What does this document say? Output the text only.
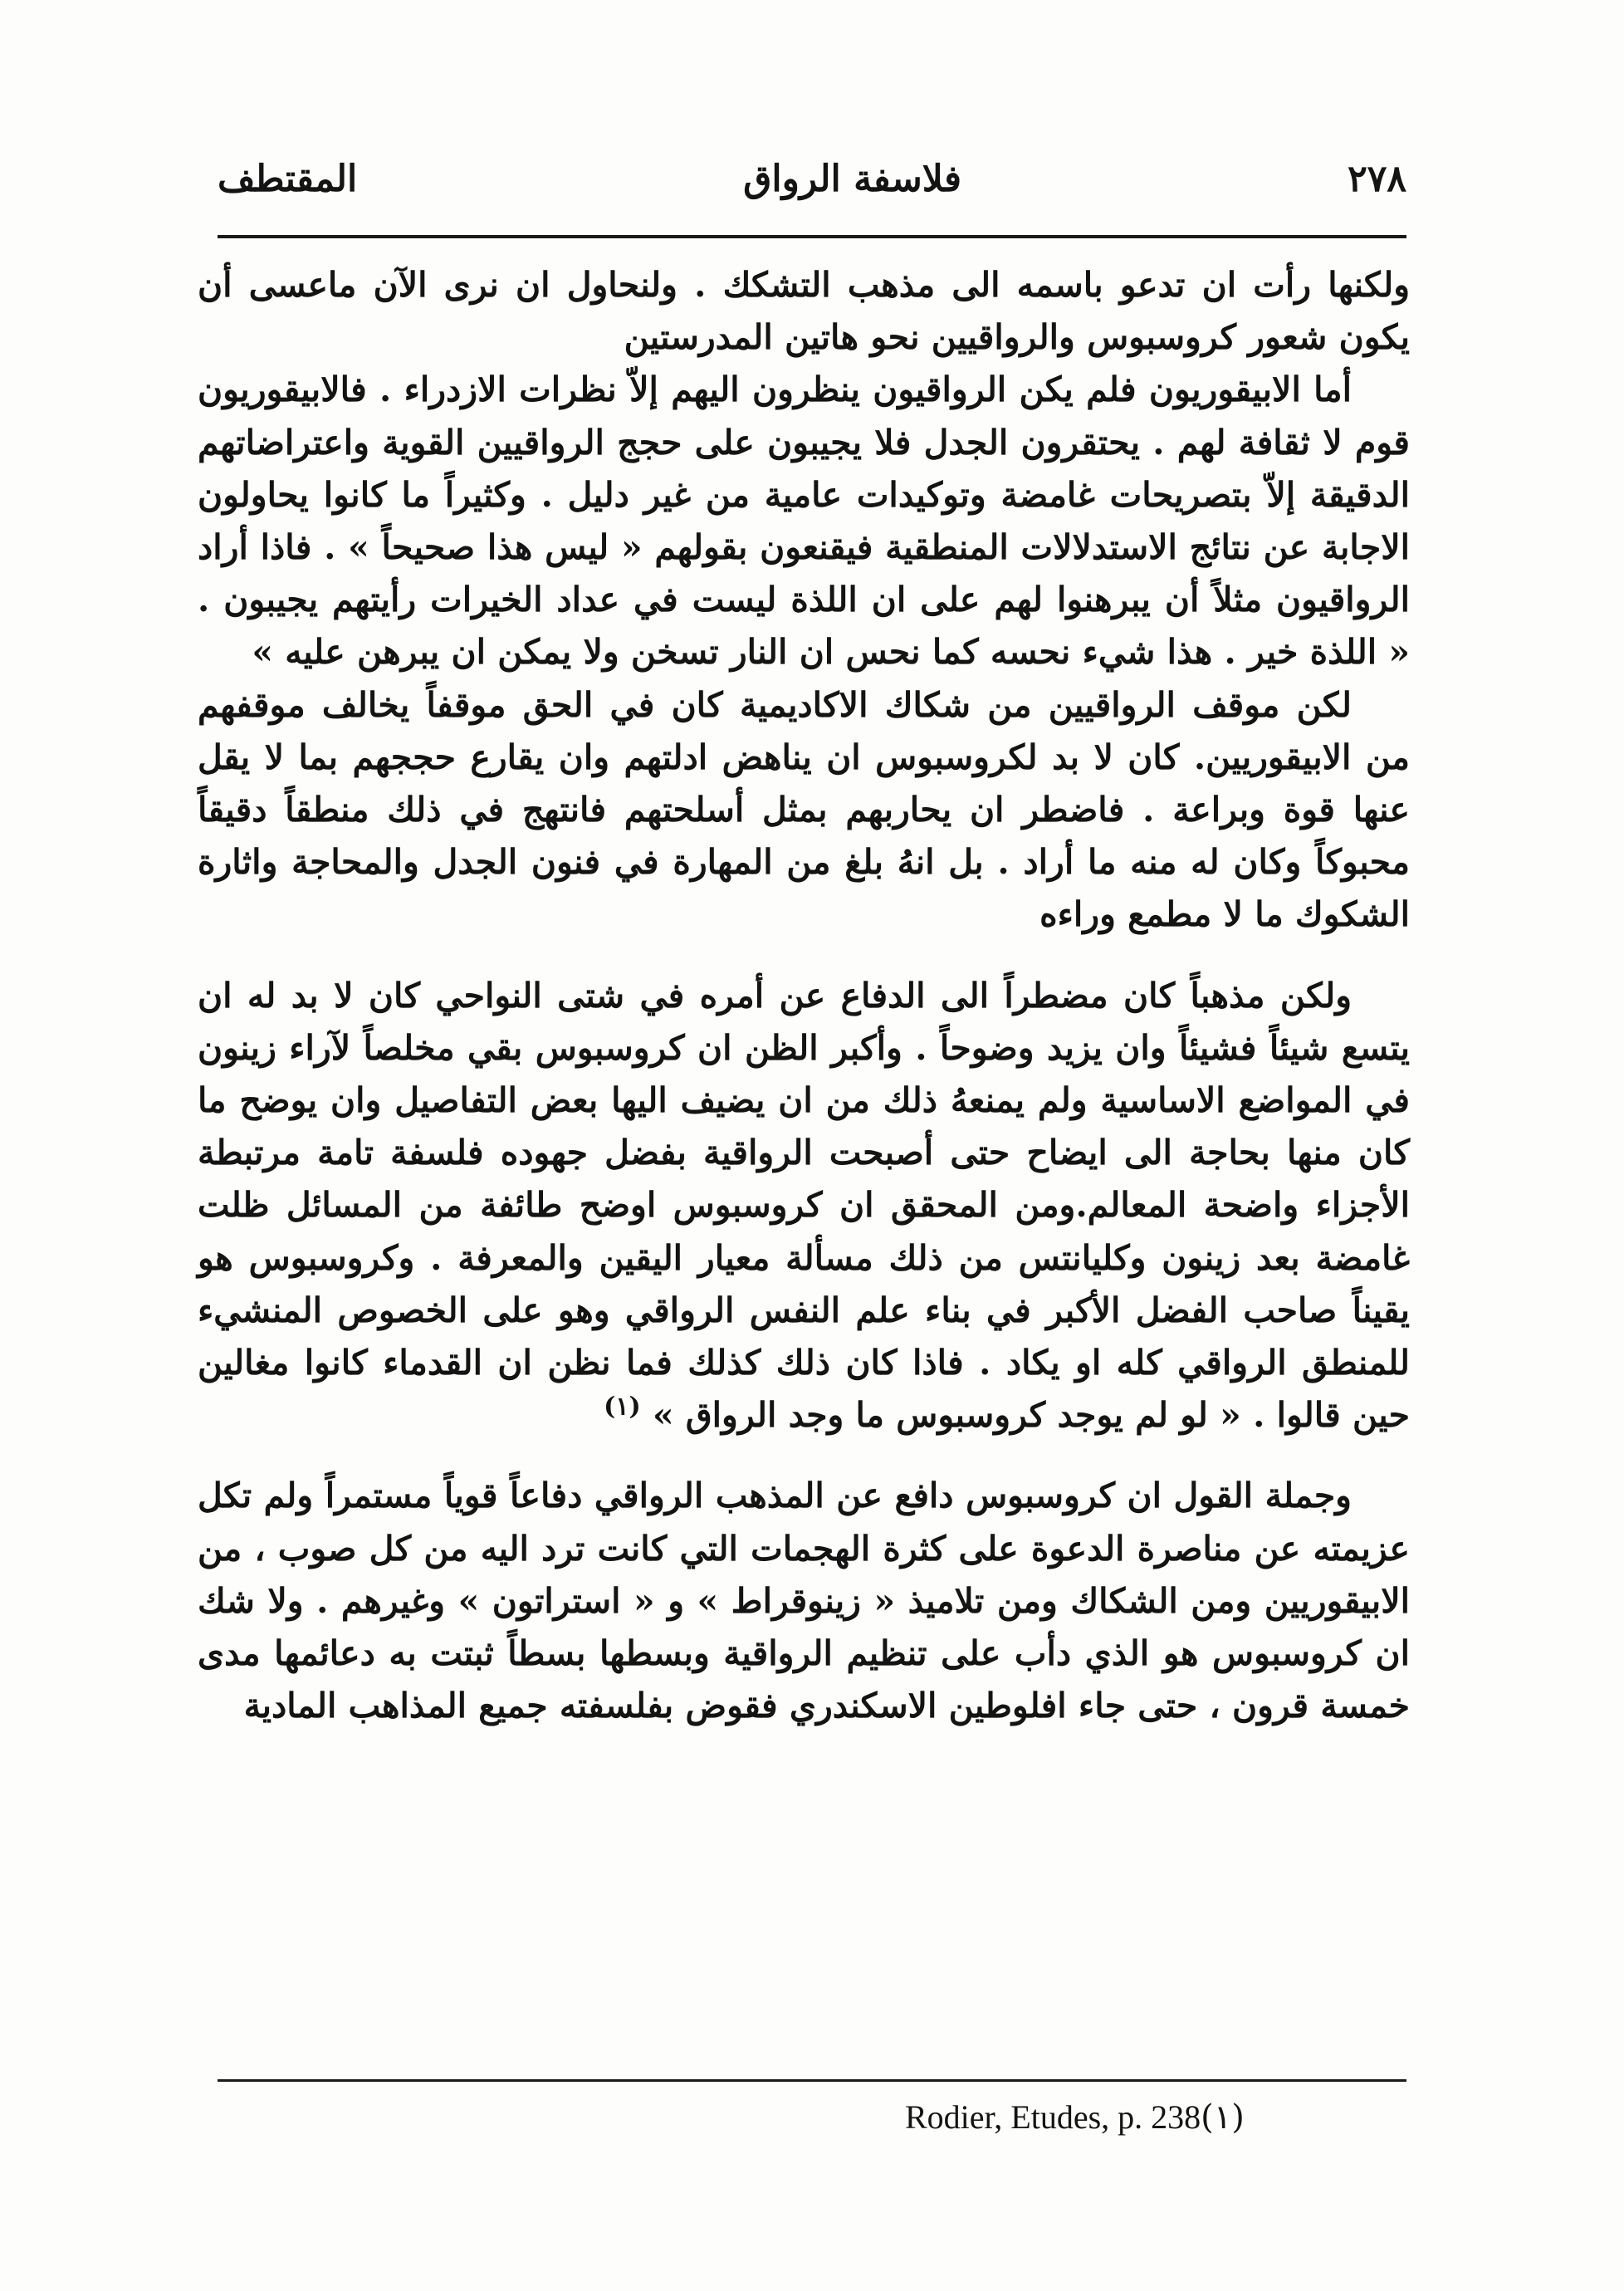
٢٧٨
فلاسفة الرواق
المقتطف

ولكنها رأت ان تدعو باسمه الى مذهب التشكك . ولنحاول ان نرى الآن ماعسى أن يكون شعور كروسبوس والرواقيين نحو هاتين المدرستين

أما الابيقوريون فلم يكن الرواقيون ينظرون اليهم إلاّ نظرات الازدراء . فالابيقوريون قوم لا ثقافة لهم . يحتقرون الجدل فلا يجيبون على حجج الرواقيين القوية واعتراضاتهم الدقيقة إلاّ بتصريحات غامضة وتوكيدات عامية من غير دليل . وكثيراً ما كانوا يحاولون الاجابة عن نتائج الاستدلالات المنطقية فيقنعون بقولهم « ليس هذا صحيحاً » . فاذا أراد الرواقيون مثلاً أن يبرهنوا لهم على ان اللذة ليست في عداد الخيرات رأيتهم يجيبون . « اللذة خير . هذا شيء نحسه كما نحس ان النار تسخن ولا يمكن ان يبرهن عليه »

لكن موقف الرواقيين من شكاك الاكاديمية كان في الحق موقفاً يخالف موقفهم من الابيقوريين. كان لا بد لكروسبوس ان يناهض ادلتهم وان يقارع حججهم بما لا يقل عنها قوة وبراعة . فاضطر ان يحاربهم بمثل أسلحتهم فانتهج في ذلك منطقاً دقيقاً محبوكاً وكان له منه ما أراد . بل انهُ بلغ من المهارة في فنون الجدل والمحاجة واثارة الشكوك ما لا مطمع وراءه

ولكن مذهباً كان مضطراً الى الدفاع عن أمره في شتى النواحي كان لا بد له ان يتسع شيئاً فشيئاً وان يزيد وضوحاً . وأكبر الظن ان كروسبوس بقي مخلصاً لآراء زينون في المواضع الاساسية ولم يمنعهُ ذلك من ان يضيف اليها بعض التفاصيل وان يوضح ما كان منها بحاجة الى ايضاح حتى أصبحت الرواقية بفضل جهوده فلسفة تامة مرتبطة الأجزاء واضحة المعالم.ومن المحقق ان كروسبوس اوضح طائفة من المسائل ظلت غامضة بعد زينون وكليانتس من ذلك مسألة معيار اليقين والمعرفة . وكروسبوس هو يقيناً صاحب الفضل الأكبر في بناء علم النفس الرواقي وهو على الخصوص المنشيء للمنطق الرواقي كله او يكاد . فاذا كان ذلك كذلك فما نظن ان القدماء كانوا مغالين حين قالوا . « لو لم يوجد كروسبوس ما وجد الرواق » $^{(١)}$

وجملة القول ان كروسبوس دافع عن المذهب الرواقي دفاعاً قوياً مستمراً ولم تكل عزيمته عن مناصرة الدعوة على كثرة الهجمات التي كانت ترد اليه من كل صوب ، من الابيقوريين ومن الشكاك ومن تلاميذ « زينوقراط » و « استراتون » وغيرهم . ولا شك ان كروسبوس هو الذي دأب على تنظيم الرواقية وبسطها بسطاً ثبتت به دعائمها مدى خمسة قرون ، حتى جاء افلوطين الاسكندري فقوض بفلسفته جميع المذاهب المادية

Rodier, Etudes, p. 238(١)
